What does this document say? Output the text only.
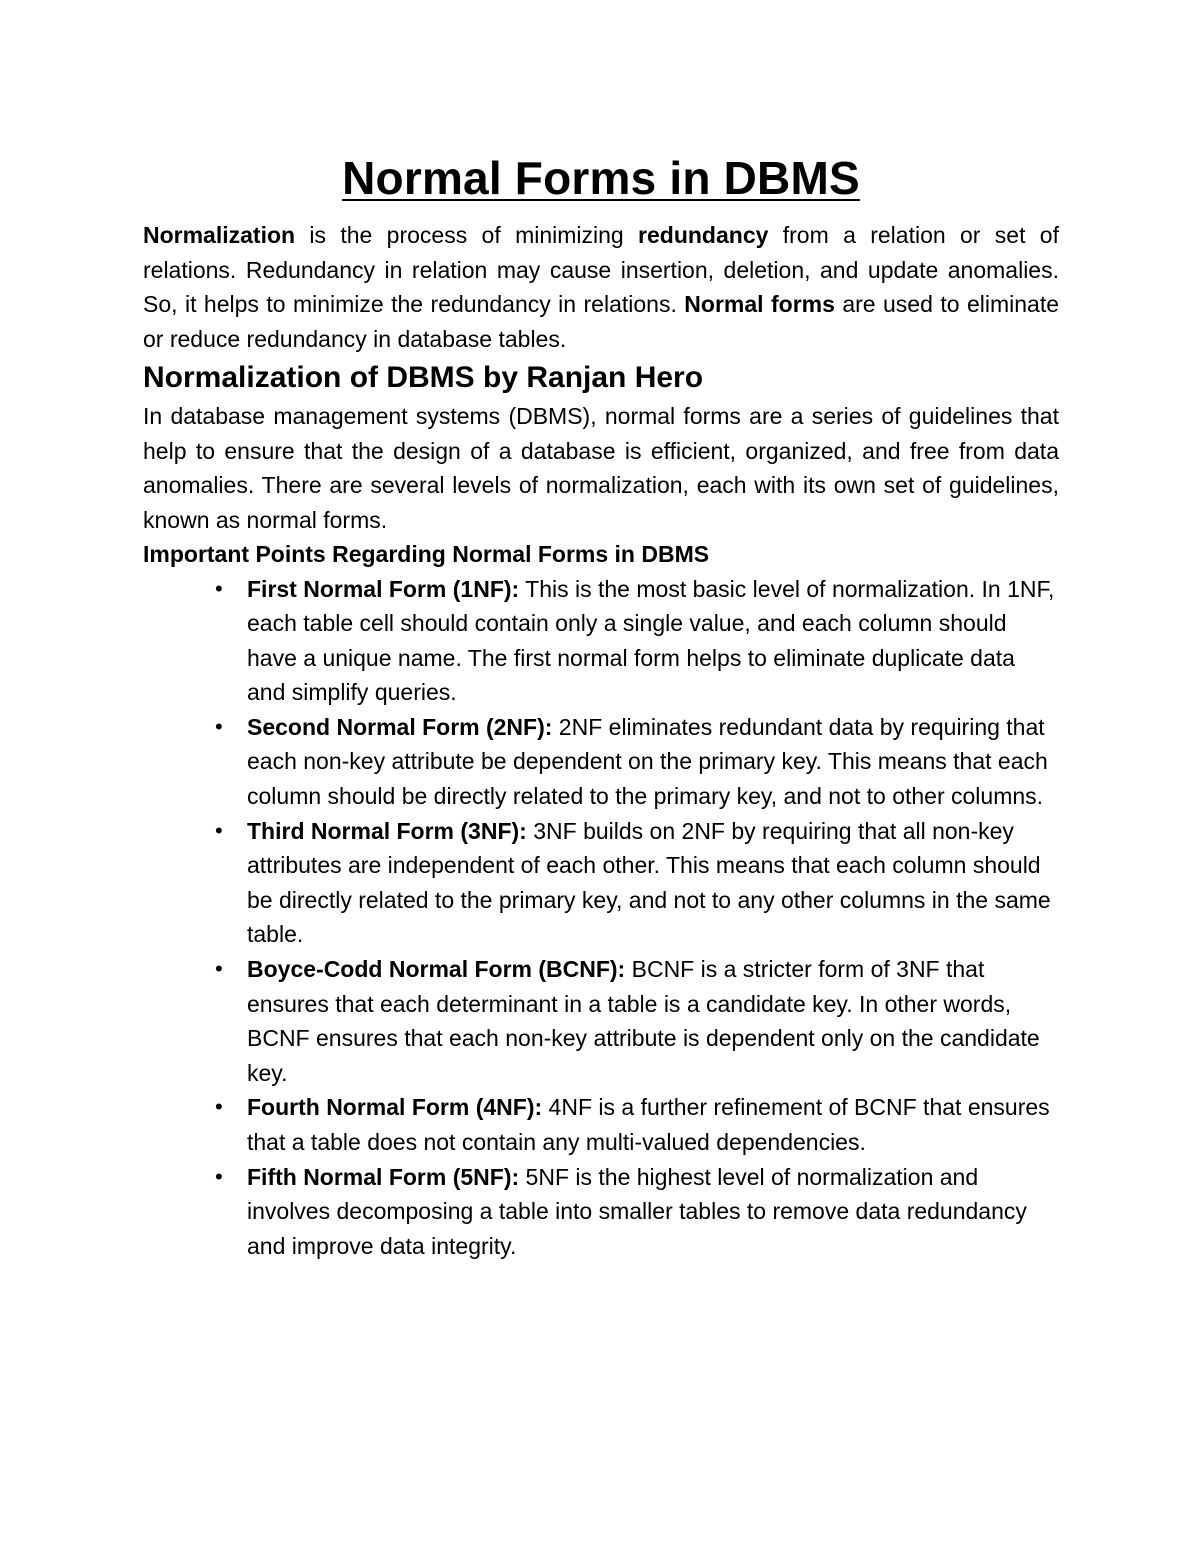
Normal Forms in DBMS

Normalization is the process of minimizing redundancy from a relation or set of relations. Redundancy in relation may cause insertion, deletion, and update anomalies. So, it helps to minimize the redundancy in relations. Normal forms are used to eliminate or reduce redundancy in database tables.

Normalization of DBMS by Ranjan Hero

In database management systems (DBMS), normal forms are a series of guidelines that help to ensure that the design of a database is efficient, organized, and free from data anomalies. There are several levels of normalization, each with its own set of guidelines, known as normal forms.

Important Points Regarding Normal Forms in DBMS
• First Normal Form (1NF): This is the most basic level of normalization. In 1NF, each table cell should contain only a single value, and each column should have a unique name. The first normal form helps to eliminate duplicate data and simplify queries.
• Second Normal Form (2NF): 2NF eliminates redundant data by requiring that each non-key attribute be dependent on the primary key. This means that each column should be directly related to the primary key, and not to other columns.
• Third Normal Form (3NF): 3NF builds on 2NF by requiring that all non-key attributes are independent of each other. This means that each column should be directly related to the primary key, and not to any other columns in the same table.
• Boyce-Codd Normal Form (BCNF): BCNF is a stricter form of 3NF that ensures that each determinant in a table is a candidate key. In other words, BCNF ensures that each non-key attribute is dependent only on the candidate key.
• Fourth Normal Form (4NF): 4NF is a further refinement of BCNF that ensures that a table does not contain any multi-valued dependencies.
• Fifth Normal Form (5NF): 5NF is the highest level of normalization and involves decomposing a table into smaller tables to remove data redundancy and improve data integrity.
